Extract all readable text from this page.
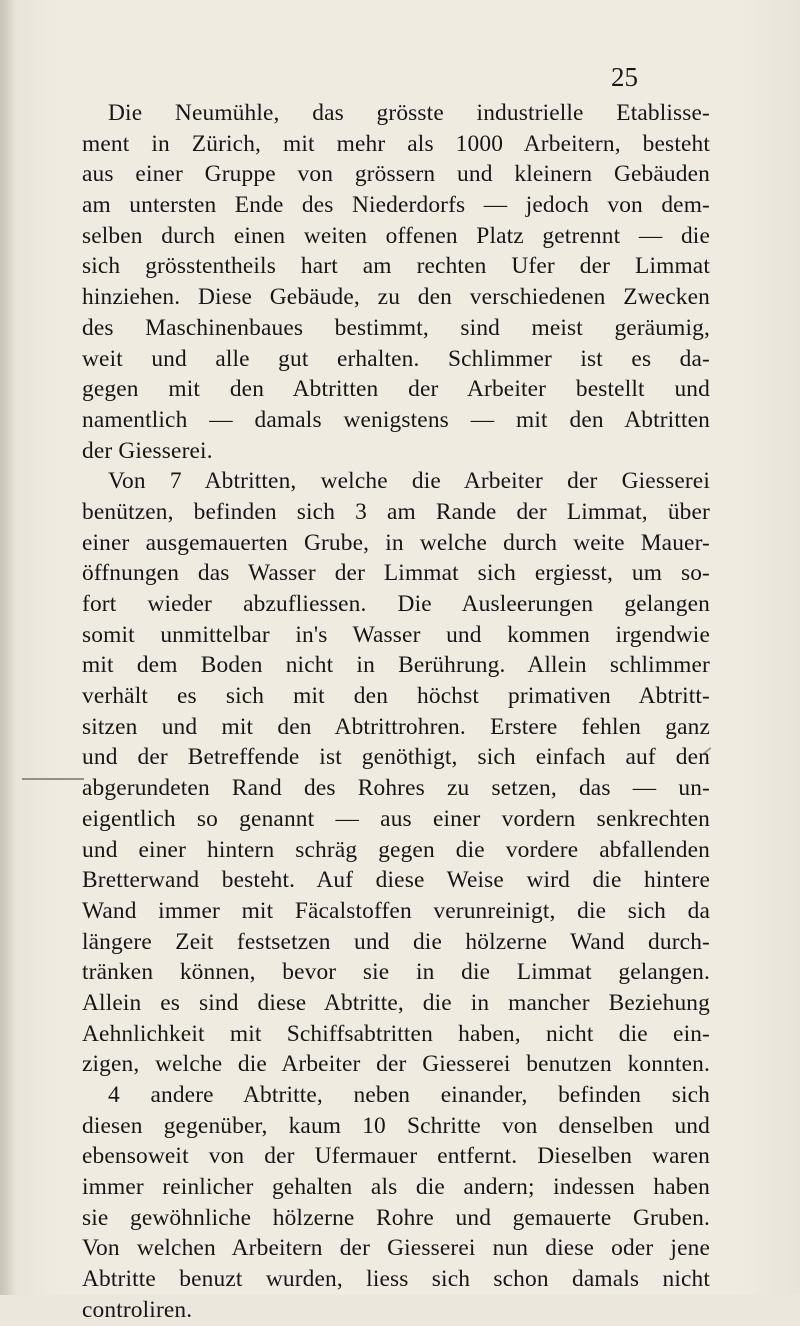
25
Die Neumühle, das grösste industrielle Etablisse-
ment in Zürich, mit mehr als 1000 Arbeitern, besteht
aus einer Gruppe von grössern und kleinern Gebäuden
am untersten Ende des Niederdorfs — jedoch von dem-
selben durch einen weiten offenen Platz getrennt — die
sich grösstentheils hart am rechten Ufer der Limmat
hinziehen. Diese Gebäude, zu den verschiedenen Zwecken
des Maschinenbaues bestimmt, sind meist geräumig,
weit und alle gut erhalten. Schlimmer ist es da-
gegen mit den Abtritten der Arbeiter bestellt und
namentlich — damals wenigstens — mit den Abtritten
der Giesserei.
Von 7 Abtritten, welche die Arbeiter der Giesserei
benützen, befinden sich 3 am Rande der Limmat, über
einer ausgemauerten Grube, in welche durch weite Mauer-
öffnungen das Wasser der Limmat sich ergiesst, um so-
fort wieder abzufliessen. Die Ausleerungen gelangen
somit unmittelbar in's Wasser und kommen irgendwie
mit dem Boden nicht in Berührung. Allein schlimmer
verhält es sich mit den höchst primativen Abtritt-
sitzen und mit den Abtrittrohren. Erstere fehlen ganz
und der Betreffende ist genöthigt, sich einfach auf den
abgerundeten Rand des Rohres zu setzen, das — un-
eigentlich so genannt — aus einer vordern senkrechten
und einer hintern schräg gegen die vordere abfallenden
Bretterwand besteht. Auf diese Weise wird die hintere
Wand immer mit Fäcalstoffen verunreinigt, die sich da
längere Zeit festsetzen und die hölzerne Wand durch-
tränken können, bevor sie in die Limmat gelangen.
Allein es sind diese Abtritte, die in mancher Beziehung
Aehnlichkeit mit Schiffsabtritten haben, nicht die ein-
zigen, welche die Arbeiter der Giesserei benutzen konnten.
4 andere Abtritte, neben einander, befinden sich
diesen gegenüber, kaum 10 Schritte von denselben und
ebensoweit von der Ufermauer entfernt. Dieselben waren
immer reinlicher gehalten als die andern; indessen haben
sie gewöhnliche hölzerne Rohre und gemauerte Gruben.
Von welchen Arbeitern der Giesserei nun diese oder jene
Abtritte benuzt wurden, liess sich schon damals nicht
controliren.
